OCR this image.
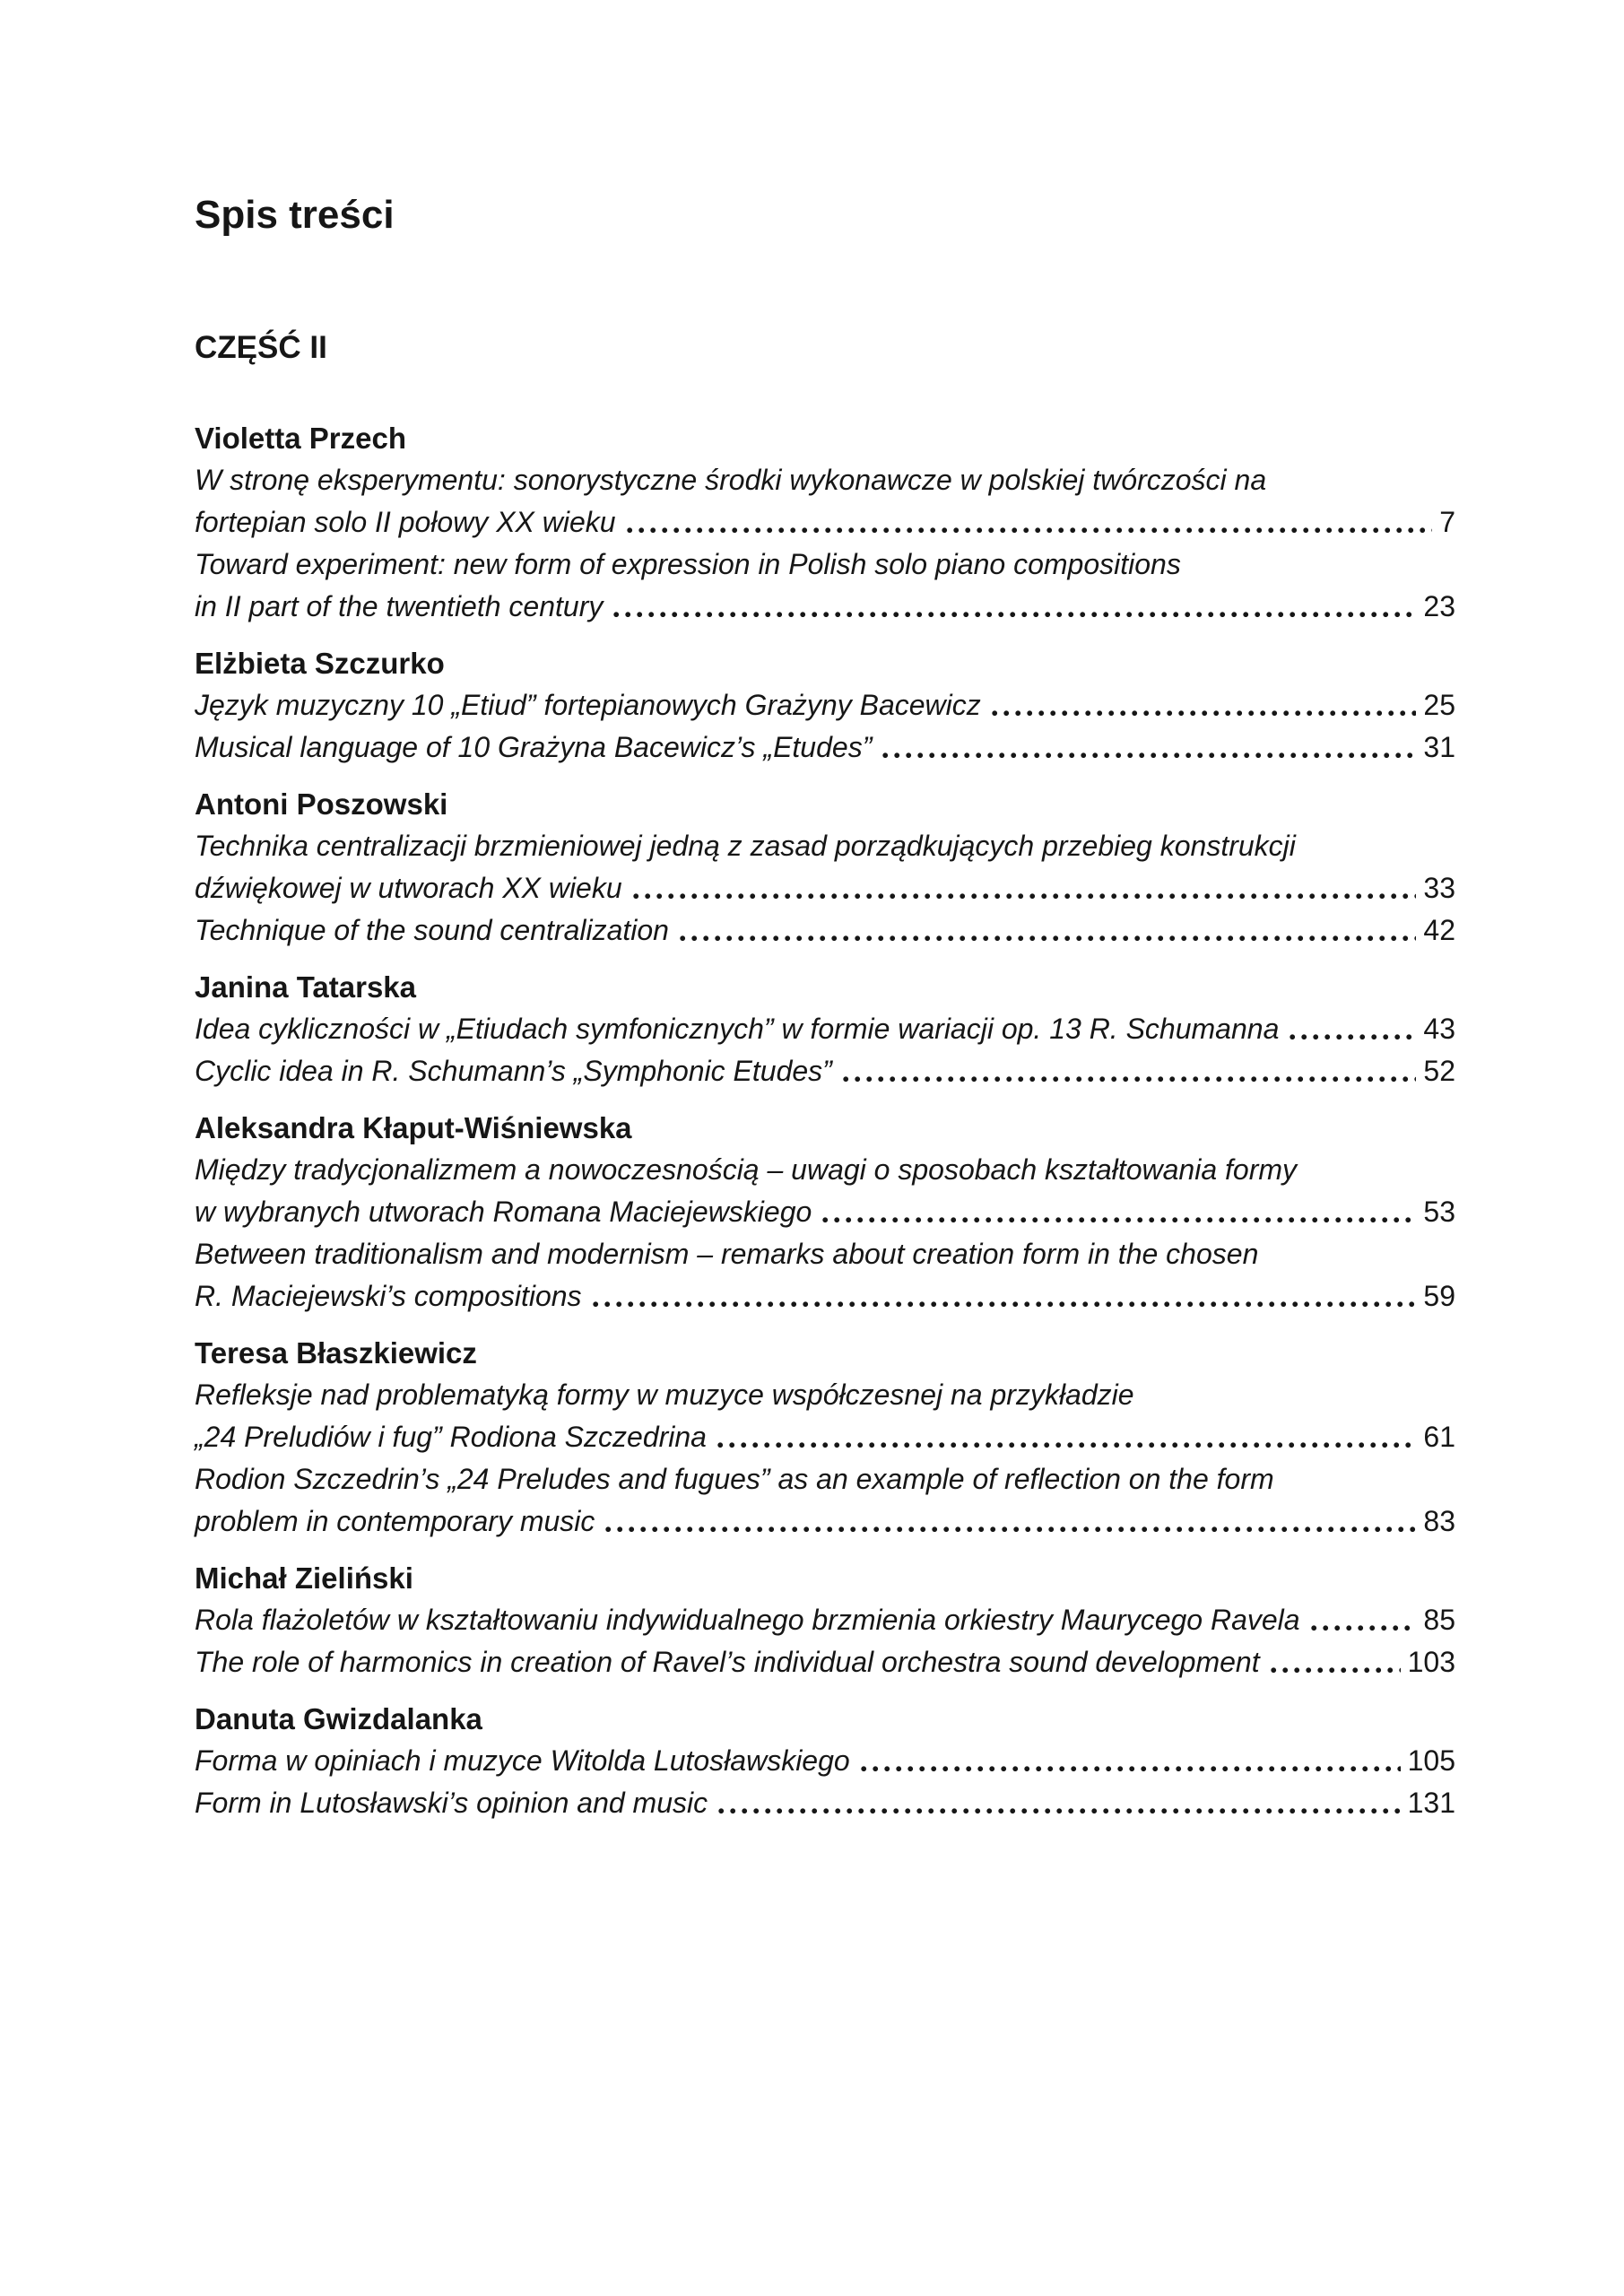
Spis treści
CZĘŚĆ II
Violetta Przech
W stronę eksperymentu: sonorystyczne środki wykonawcze w polskiej twórczości na
fortepian solo II połowy XX wieku	7
Toward experiment: new form of expression in Polish solo piano compositions
in II part of the twentieth century	23
Elżbieta Szczurko
Język muzyczny 10 „Etiud” fortepianowych Grażyny Bacewicz	25
Musical language of 10 Grażyna Bacewicz’s „Etudes”	31
Antoni Poszowski
Technika centralizacji brzmieniowej jedną z zasad porządkujących przebieg konstrukcji
dźwiękowej w utworach XX wieku	33
Technique of the sound centralization	42
Janina Tatarska
Idea cykliczności w „Etiudach symfonicznych” w formie wariacji op. 13 R. Schumanna	43
Cyclic idea in R. Schumann’s „Symphonic Etudes”	52
Aleksandra Kłaput-Wiśniewska
Między tradycjonalizmem a nowoczesnością – uwagi o sposobach kształtowania formy
w wybranych utworach Romana Maciejewskiego	53
Between traditionalism and modernism – remarks about creation form in the chosen
R. Maciejewski’s compositions	59
Teresa Błaszkiewicz
Refleksje nad problematyką formy w muzyce współczesnej na przykładzie
„24 Preludiów i fug” Rodiona Szczedrina	61
Rodion Szczedrin’s „24 Preludes and fugues” as an example of reflection on the form
problem in contemporary music	83
Michał Zieliński
Rola flażoletów w kształtowaniu indywidualnego brzmienia orkiestry Maurycego Ravela	85
The role of harmonics in creation of Ravel’s individual orchestra sound development	103
Danuta Gwizdalanka
Forma w opiniach i muzyce Witolda Lutosławskiego	105
Form in Lutosławski’s opinion and music	131
